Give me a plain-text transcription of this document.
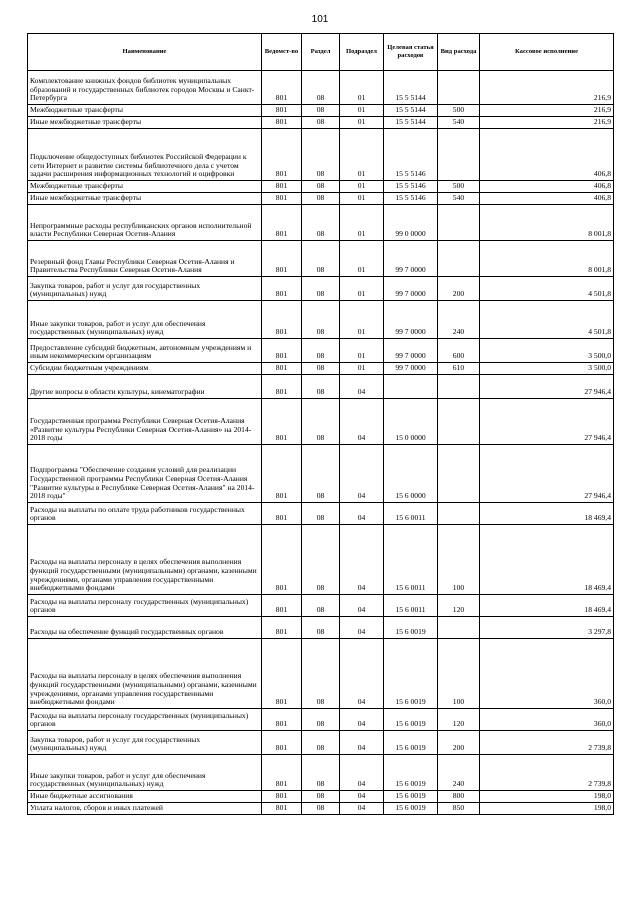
101
Наименование	Ведомст-во	Раздел	Подраздел	Целевая статья расходов	Вид расхода	Кассовое исполнение
Комплектование книжных фондов библиотек муниципальных образований и государственных библиотек городов Москвы и Санкт-Петербурга	801	08	01	15 5 5144		216,9
Межбюджетные трансферты	801	08	01	15 5 5144	500	216,9
Иные межбюджетные трансферты	801	08	01	15 5 5144	540	216,9
Подключение общедоступных библиотек Российской Федерации к сети Интернет и развитие системы библиотечного дела с учетом задачи расширения информационных технологий и оцифровки	801	08	01	15 5 5146		406,8
Межбюджетные трансферты	801	08	01	15 5 5146	500	406,8
Иные межбюджетные трансферты	801	08	01	15 5 5146	540	406,8
Непрограммные расходы республиканских органов исполнительной власти Республики Северная Осетия-Алания	801	08	01	99 0 0000		8 001,8
Резервный фонд Главы Республики Северная Осетия-Алания и Правительства Республики Северная Осетия-Алания	801	08	01	99 7 0000		8 001,8
Закупка товаров, работ и услуг для государственных (муниципальных) нужд	801	08	01	99 7 0000	200	4 501,8
Иные закупки товаров, работ и услуг для обеспечения государственных (муниципальных) нужд	801	08	01	99 7 0000	240	4 501,8
Предоставление субсидий бюджетным, автономным учреждениям и иным некоммерческим организациям	801	08	01	99 7 0000	600	3 500,0
Субсидии бюджетным учреждениям	801	08	01	99 7 0000	610	3 500,0
Другие вопросы в области культуры, кинематографии	801	08	04			27 946,4
Государственная программа Республики Северная Осетия-Алания «Развитие культуры Республики Северная Осетия-Алания» на 2014-2018 годы	801	08	04	15 0 0000		27 946,4
Подпрограмма "Обеспечение создания условий для реализации Государственной программы Республики Северная Осетия-Алания "Развитие культуры в Республике Северная Осетия-Алания" на 2014-2018 годы"	801	08	04	15 6 0000		27 946,4
Расходы на выплаты по оплате труда работников государственных органов	801	08	04	15 6 0011		18 469,4
Расходы на выплаты персоналу в целях обеспечения выполнения функций государственными (муниципальными) органами, казенными учреждениями, органами управления государственными внебюджетными фондами	801	08	04	15 6 0011	100	18 469,4
Расходы на выплаты персоналу государственных (муниципальных) органов	801	08	04	15 6 0011	120	18 469,4
Расходы на обеспечение функций государственных органов	801	08	04	15 6 0019		3 297,8
Расходы на выплаты персоналу в целях обеспечения выполнения функций государственными (муниципальными) органами, казенными учреждениями, органами управления государственными внебюджетными фондами	801	08	04	15 6 0019	100	360,0
Расходы на выплаты персоналу государственных (муниципальных) органов	801	08	04	15 6 0019	120	360,0
Закупка товаров, работ и услуг для государственных (муниципальных) нужд	801	08	04	15 6 0019	200	2 739,8
Иные закупки товаров, работ и услуг для обеспечения государственных (муниципальных) нужд	801	08	04	15 6 0019	240	2 739,8
Иные бюджетные ассигнования	801	08	04	15 6 0019	800	198,0
Уплата налогов, сборов и иных платежей	801	08	04	15 6 0019	850	198,0
